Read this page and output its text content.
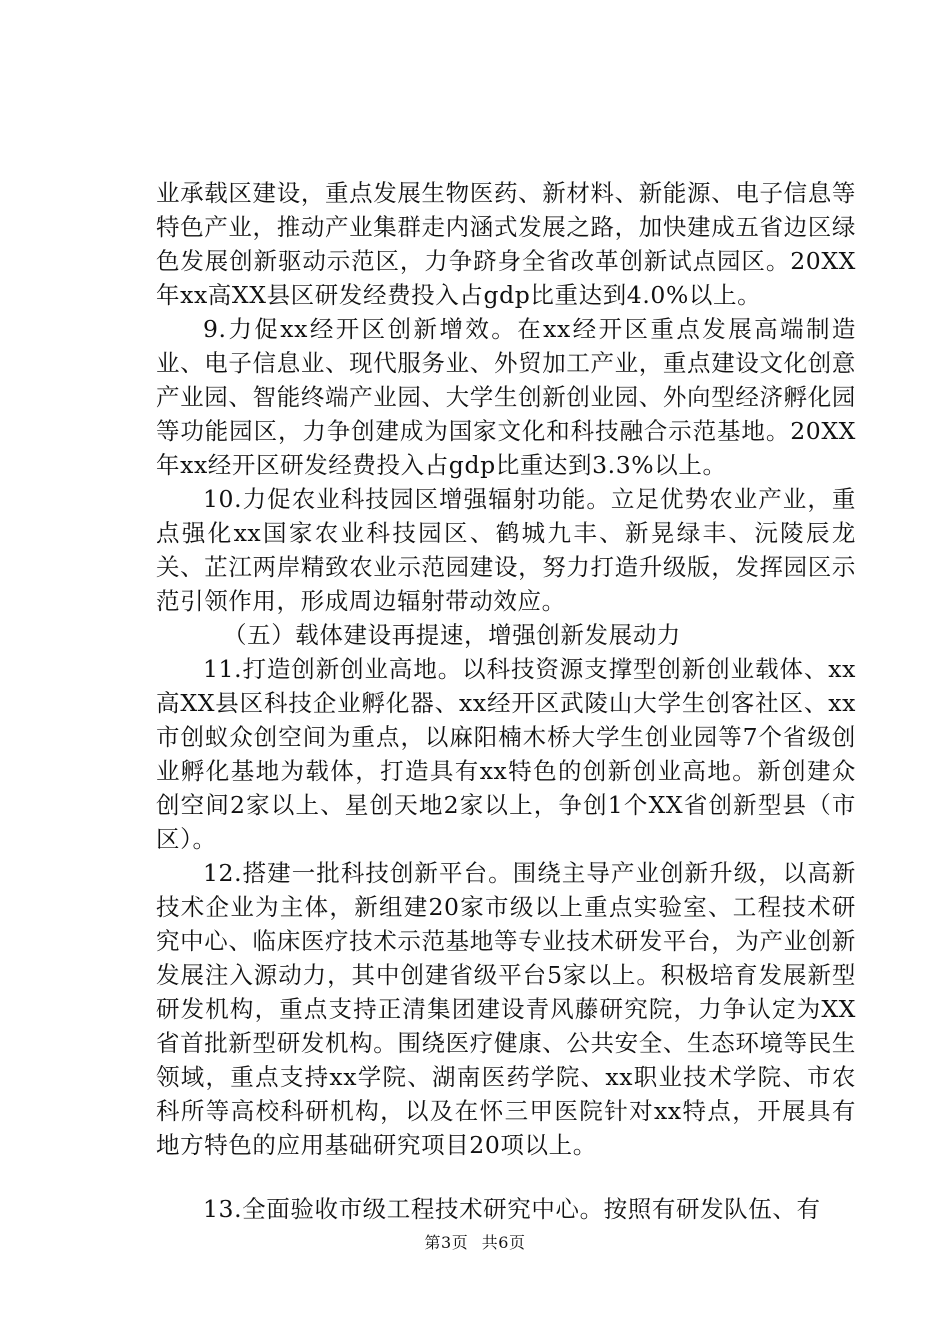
业承载区建设，重点发展生物医药、新材料、新能源、电子信息等特色产业，推动产业集群走内涵式发展之路，加快建成五省边区绿色发展创新驱动示范区，力争跻身全省改革创新试点园区。20XX年xx高XX县区研发经费投入占gdp比重达到4.0%以上。

9.力促xx经开区创新增效。在xx经开区重点发展高端制造业、电子信息业、现代服务业、外贸加工产业，重点建设文化创意产业园、智能终端产业园、大学生创新创业园、外向型经济孵化园等功能园区，力争创建成为国家文化和科技融合示范基地。20XX年xx经开区研发经费投入占gdp比重达到3.3%以上。

10.力促农业科技园区增强辐射功能。立足优势农业产业，重点强化xx国家农业科技园区、鹤城九丰、新晃绿丰、沅陵辰龙关、芷江两岸精致农业示范园建设，努力打造升级版，发挥园区示范引领作用，形成周边辐射带动效应。

（五）载体建设再提速，增强创新发展动力

11.打造创新创业高地。以科技资源支撑型创新创业载体、xx高XX县区科技企业孵化器、xx经开区武陵山大学生创客社区、xx市创蚁众创空间为重点，以麻阳楠木桥大学生创业园等7个省级创业孵化基地为载体，打造具有xx特色的创新创业高地。新创建众创空间2家以上、星创天地2家以上，争创1个XX省创新型县（市区）。

12.搭建一批科技创新平台。围绕主导产业创新升级，以高新技术企业为主体，新组建20家市级以上重点实验室、工程技术研究中心、临床医疗技术示范基地等专业技术研发平台，为产业创新发展注入源动力，其中创建省级平台5家以上。积极培育发展新型研发机构，重点支持正清集团建设青风藤研究院，力争认定为XX省首批新型研发机构。围绕医疗健康、公共安全、生态环境等民生领域，重点支持xx学院、湖南医药学院、xx职业技术学院、市农科所等高校科研机构，以及在怀三甲医院针对xx特点，开展具有地方特色的应用基础研究项目20项以上。

13.全面验收市级工程技术研究中心。按照有研发队伍、有

第3页 共6页
